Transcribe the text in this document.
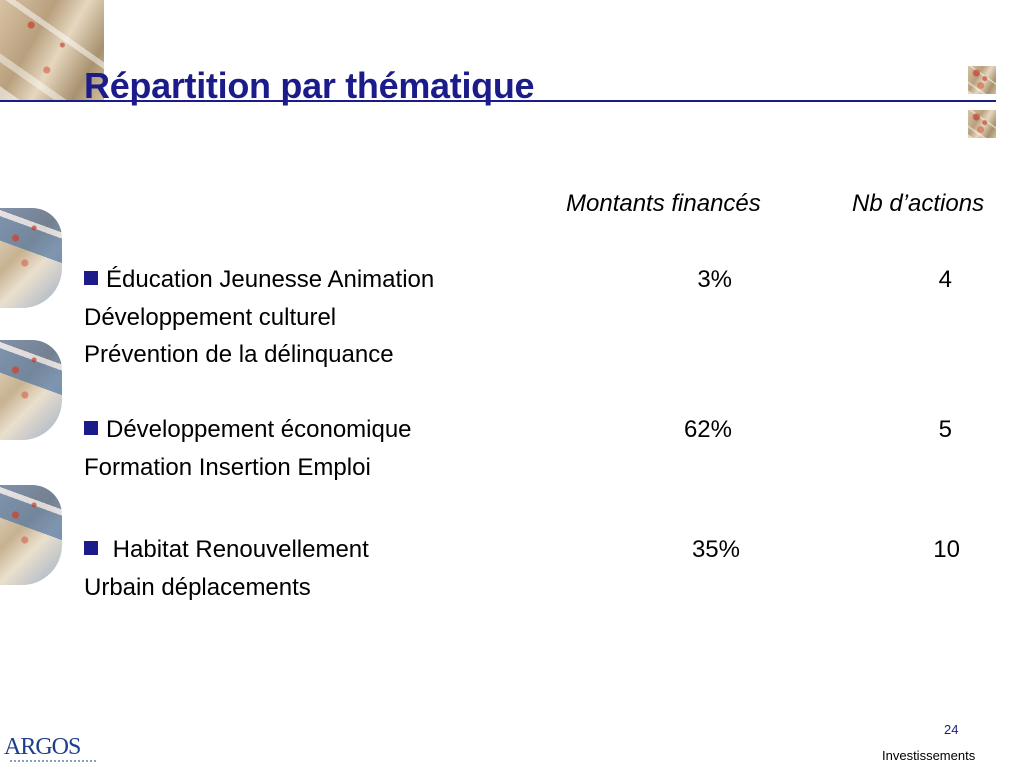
Répartition par thématique
Montants financés	Nb d’actions
Éducation Jeunesse Animation
Développement culturel
Prévention de la délinquance
3%	4
Développement économique
Formation Insertion Emploi
62%	5
Habitat Renouvellement
Urbain déplacements
35%	10
ARGOS
24
Investissements
